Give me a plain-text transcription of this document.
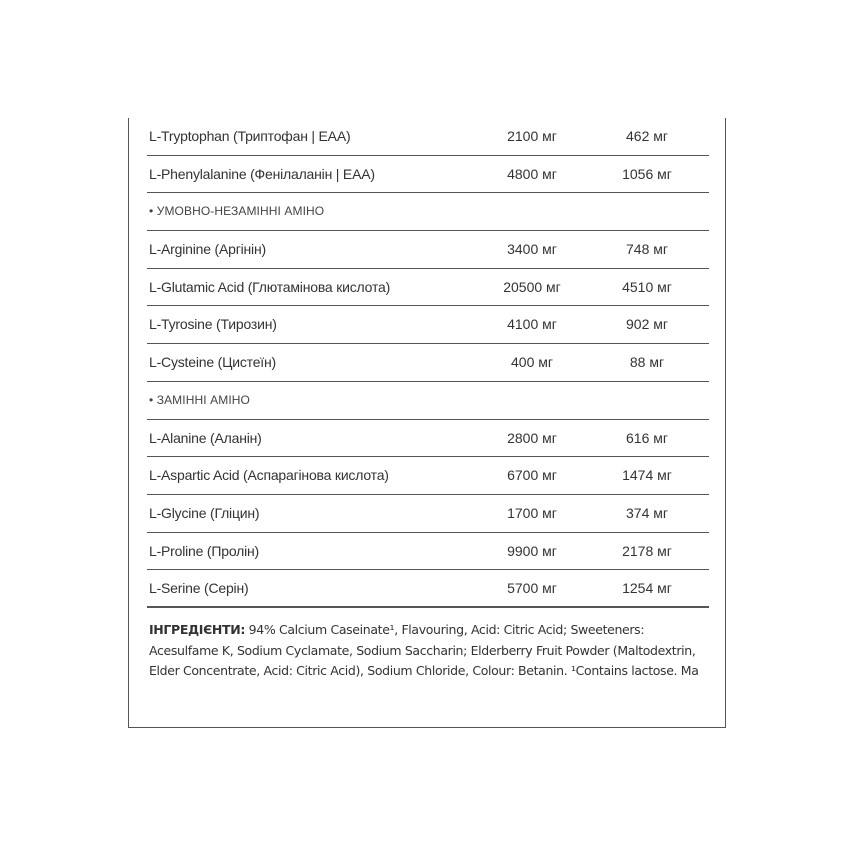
L-Tryptophan (Триптофан | EAA)	2100 мг	462 мг
L-Phenylalanine (Фенілаланін | EAA)	4800 мг	1056 мг
• УМОВНО-НЕЗАМІННІ АМІНО
L-Arginine (Аргінін)	3400 мг	748 мг
L-Glutamic Acid (Глютамінова кислота)	20500 мг	4510 мг
L-Tyrosine (Тирозин)	4100 мг	902 мг
L-Cysteine (Цистеїн)	400 мг	88 мг
• ЗАМІННІ АМІНО
L-Alanine (Аланін)	2800 мг	616 мг
L-Aspartic Acid (Аспарагінова кислота)	6700 мг	1474 мг
L-Glycine (Гліцин)	1700 мг	374 мг
L-Proline (Пролін)	9900 мг	2178 мг
L-Serine (Серін)	5700 мг	1254 мг
ІНГРЕДІЄНТИ: 94% Calcium Caseinate¹, Flavouring, Acid: Citric Acid; Sweeteners: Acesulfame K, Sodium Cyclamate, Sodium Saccharin; Elderberry Fruit Powder (Maltodextrin, Elder Concentrate, Acid: Citric Acid), Sodium Chloride, Colour: Betanin. ¹Contains lactose. Ma
